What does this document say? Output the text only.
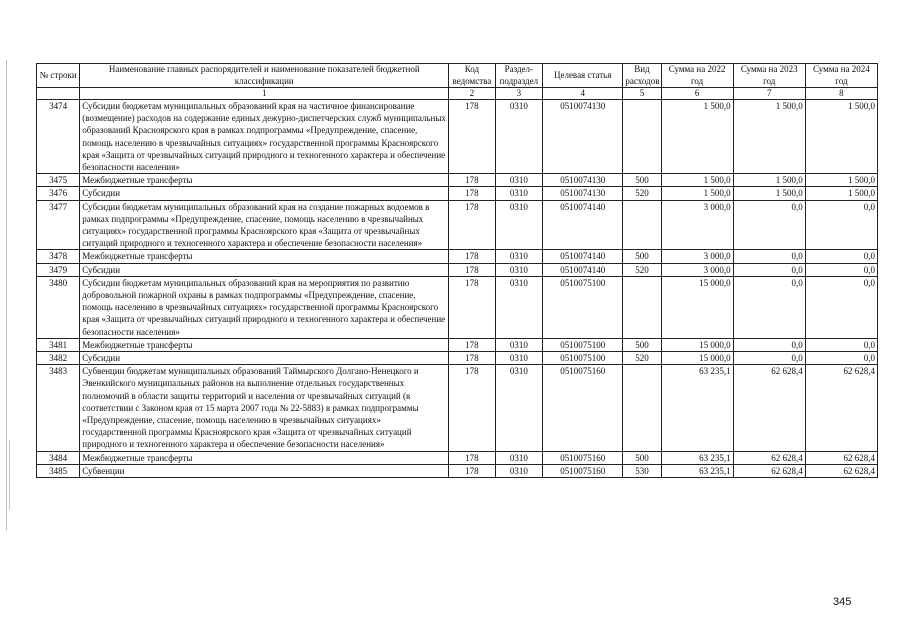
№ строки	Наименование главных распорядителей и наименование показателей бюджетной классификации	Код ведомства	Раздел-подраздел	Целевая статья	Вид расходов	Сумма на 2022 год	Сумма на 2023 год	Сумма на 2024 год
	1	2	3	4	5	6	7	8
3474	Субсидии бюджетам муниципальных образований края на частичное финансирование (возмещение) расходов на содержание единых дежурно-диспетчерских служб муниципальных образований Красноярского края в рамках подпрограммы «Предупреждение, спасение, помощь населению в чрезвычайных ситуациях» государственной программы Красноярского края «Защита от чрезвычайных ситуаций природного и техногенного характера и обеспечение безопасности населения»	178	0310	0510074130		1 500,0	1 500,0	1 500,0
3475	Межбюджетные трансферты	178	0310	0510074130	500	1 500,0	1 500,0	1 500,0
3476	Субсидии	178	0310	0510074130	520	1 500,0	1 500,0	1 500,0
3477	Субсидии бюджетам муниципальных образований края на создание пожарных водоемов в рамках подпрограммы «Предупреждение, спасение, помощь населению в чрезвычайных ситуациях» государственной программы Красноярского края «Защита от чрезвычайных ситуаций природного и техногенного характера и обеспечение безопасности населения»	178	0310	0510074140		3 000,0	0,0	0,0
3478	Межбюджетные трансферты	178	0310	0510074140	500	3 000,0	0,0	0,0
3479	Субсидии	178	0310	0510074140	520	3 000,0	0,0	0,0
3480	Субсидии бюджетам муниципальных образований края на мероприятия по развитию добровольной пожарной охраны в рамках подпрограммы «Предупреждение, спасение, помощь населению в чрезвычайных ситуациях» государственной программы Красноярского края «Защита от чрезвычайных ситуаций природного и техногенного характера и обеспечение безопасности населения»	178	0310	0510075100		15 000,0	0,0	0,0
3481	Межбюджетные трансферты	178	0310	0510075100	500	15 000,0	0,0	0,0
3482	Субсидии	178	0310	0510075100	520	15 000,0	0,0	0,0
3483	Субвенции бюджетам муниципальных образований Таймырского Долгано-Ненецкого и Эвенкийского муниципальных районов на выполнение отдельных государственных полномочий в области защиты территорий и населения от чрезвычайных ситуаций (в соответствии с Законом края от 15 марта 2007 года № 22-5883) в рамках подпрограммы «Предупреждение, спасение, помощь населению в чрезвычайных ситуациях» государственной программы Красноярского края «Защита от чрезвычайных ситуаций природного и техногенного характера и обеспечение безопасности населения»	178	0310	0510075160		63 235,1	62 628,4	62 628,4
3484	Межбюджетные трансферты	178	0310	0510075160	500	63 235,1	62 628,4	62 628,4
3485	Субвенции	178	0310	0510075160	530	63 235,1	62 628,4	62 628,4
345
